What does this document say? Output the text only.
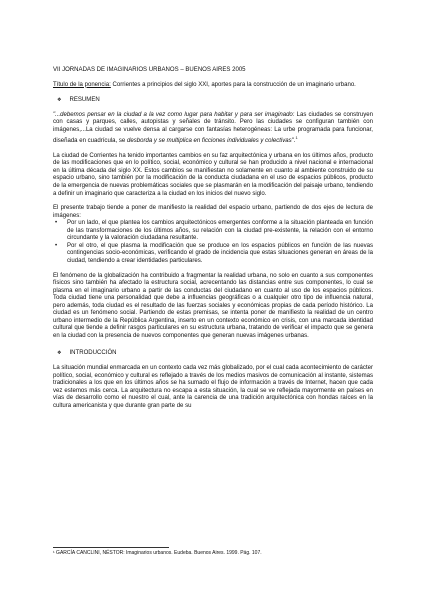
VII JORNADAS DE IMAGINARIOS URBANOS – BUENOS AIRES 2005

Título de la ponencia: Corrientes a principios del siglo XXI, aportes para la construcción de un imaginario urbano.

❖ RESUMEN

"...debemos pensar en la ciudad a la vez como lugar para habitar y para ser imaginado: Las ciudades se construyen con casas y parques, calles, autopistas y señales de tránsito. Pero las ciudades se configuran también con imágenes,...La ciudad se vuelve densa al cargarse con fantasías heterogéneas: La urbe programada para funcionar, diseñada en cuadrícula, se desborda y se multiplica en ficciones individuales y colectivas".$^1$

La ciudad de Corrientes ha tenido importantes cambios en su faz arquitectónica y urbana en los últimos años, producto de las modificaciones que en lo político, social, económico y cultural se han producido a nivel nacional e internacional en la última década del siglo XX. Estos cambios se manifiestan no solamente en cuanto al ambiente construido de su espacio urbano, sino también por la modificación de la conducta ciudadana en el uso de espacios públicos, producto de la emergencia de nuevas problemáticas sociales que se plasmarán en la modificación del paisaje urbano, tendiendo a definir un imaginario que caracteriza a la ciudad en los inicios del nuevo siglo.

El presente trabajo tiende a poner de manifiesto la realidad del espacio urbano, partiendo de dos ejes de lectura de imágenes:

•	Por un lado, el que plantea los cambios arquitectónicos emergentes conforme a la situación planteada en función de las transformaciones de los últimos años, su relación con la ciudad pre-existente, la relación con el entorno circundante y la valoración ciudadana resultante.
•	Por el otro, el que plasma la modificación que se produce en los espacios públicos en función de las nuevas contingencias socio-económicas, verificando el grado de incidencia que estas situaciones generan en áreas de la ciudad, tendiendo a crear identidades particulares.

El fenómeno de la globalización ha contribuido a fragmentar la realidad urbana, no solo en cuanto a sus componentes físicos sino también ha afectado la estructura social, acrecentando las distancias entre sus componentes, lo cual se plasma en el imaginario urbano a partir de las conductas del ciudadano en cuanto al uso de los espacios públicos. Toda ciudad tiene una personalidad que debe a influencias geográficas o a cualquier otro tipo de influencia natural, pero además, toda ciudad es el resultado de las fuerzas sociales y económicas propias de cada período histórico. La ciudad es un fenómeno social. Partiendo de estas premisas, se intenta poner de manifiesto la realidad de un centro urbano intermedio de la República Argentina, inserto en un contexto económico en crisis, con una marcada identidad cultural que tiende a definir rasgos particulares en su estructura urbana, tratando de verificar el impacto que se genera en la ciudad con la presencia de nuevos componentes que generan nuevas imágenes urbanas.

❖ INTRODUCCIÓN

La situación mundial enmarcada en un contexto cada vez más globalizado, por el cual cada acontecimiento de carácter político, social, económico y cultural es reflejado a través de los medios masivos de comunicación al instante, sistemas tradicionales a los que en los últimos años se ha sumado el flujo de información a través de Internet, hacen que cada vez estemos más cerca. La arquitectura no escapa a esta situación, la cual se ve reflejada mayormente en países en vías de desarrollo como el nuestro el cual, ante la carencia de una tradición arquitectónica con hondas raíces en la cultura americanista y que durante gran parte de su

¹ GARCÍA CANCLINI, NÉSTOR: Imaginarios urbanos. Eudeba. Buenos Aires. 1999. Pág. 107.
